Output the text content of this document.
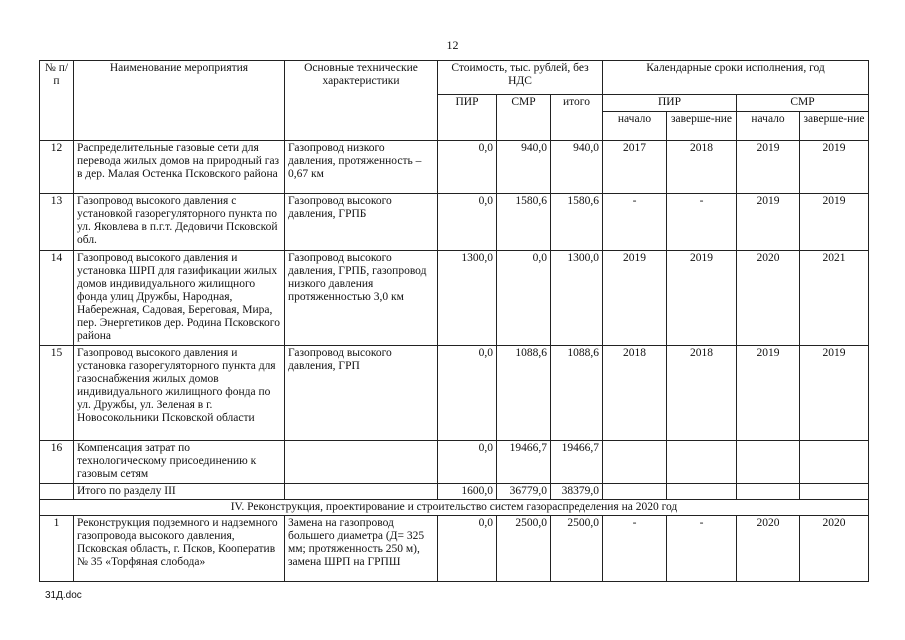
12
№ п/п	Наименование мероприятия	Основные технические характеристики	Стоимость, тыс. рублей, без НДС			Календарные сроки исполнения, год			
			ПИР	СМР	итого	ПИР		СМР	
						начало	заверше-ние	начало	заверше-ние
12	Распределительные газовые сети для перевода жилых домов на природный газ в дер. Малая Остенка Псковского района	Газопровод низкого давления, протяженность – 0,67 км	0,0	940,0	940,0	2017	2018	2019	2019
13	Газопровод высокого давления с установкой газорегуляторного пункта по ул. Яковлева в п.г.т. Дедовичи Псковской обл.	Газопровод высокого давления, ГРПБ	0,0	1580,6	1580,6	-	-	2019	2019
14	Газопровод высокого давления и установка ШРП для газификации жилых домов индивидуального жилищного фонда улиц Дружбы, Народная, Набережная, Садовая, Береговая, Мира, пер. Энергетиков дер. Родина Псковского района	Газопровод высокого давления, ГРПБ, газопровод низкого давления протяженностью 3,0 км	1300,0	0,0	1300,0	2019	2019	2020	2021
15	Газопровод высокого давления и установка газорегуляторного пункта для газоснабжения жилых домов индивидуального жилищного фонда по ул. Дружбы, ул. Зеленая в г. Новосокольники Псковской области	Газопровод высокого давления, ГРП	0,0	1088,6	1088,6	2018	2018	2019	2019
16	Компенсация затрат по технологическому присоединению к газовым сетям		0,0	19466,7	19466,7				
	Итого по разделу III		1600,0	36779,0	38379,0				
IV. Реконструкция, проектирование и строительство систем газораспределения на 2020 год									
1	Реконструкция подземного и надземного газопровода высокого давления, Псковская область, г. Псков, Кооператив № 35 «Торфяная слобода»	Замена на газопровод большего диаметра (Д= 325 мм; протяженность 250 м), замена ШРП на ГРПШ	0,0	2500,0	2500,0	-	-	2020	2020
31Д.doc
